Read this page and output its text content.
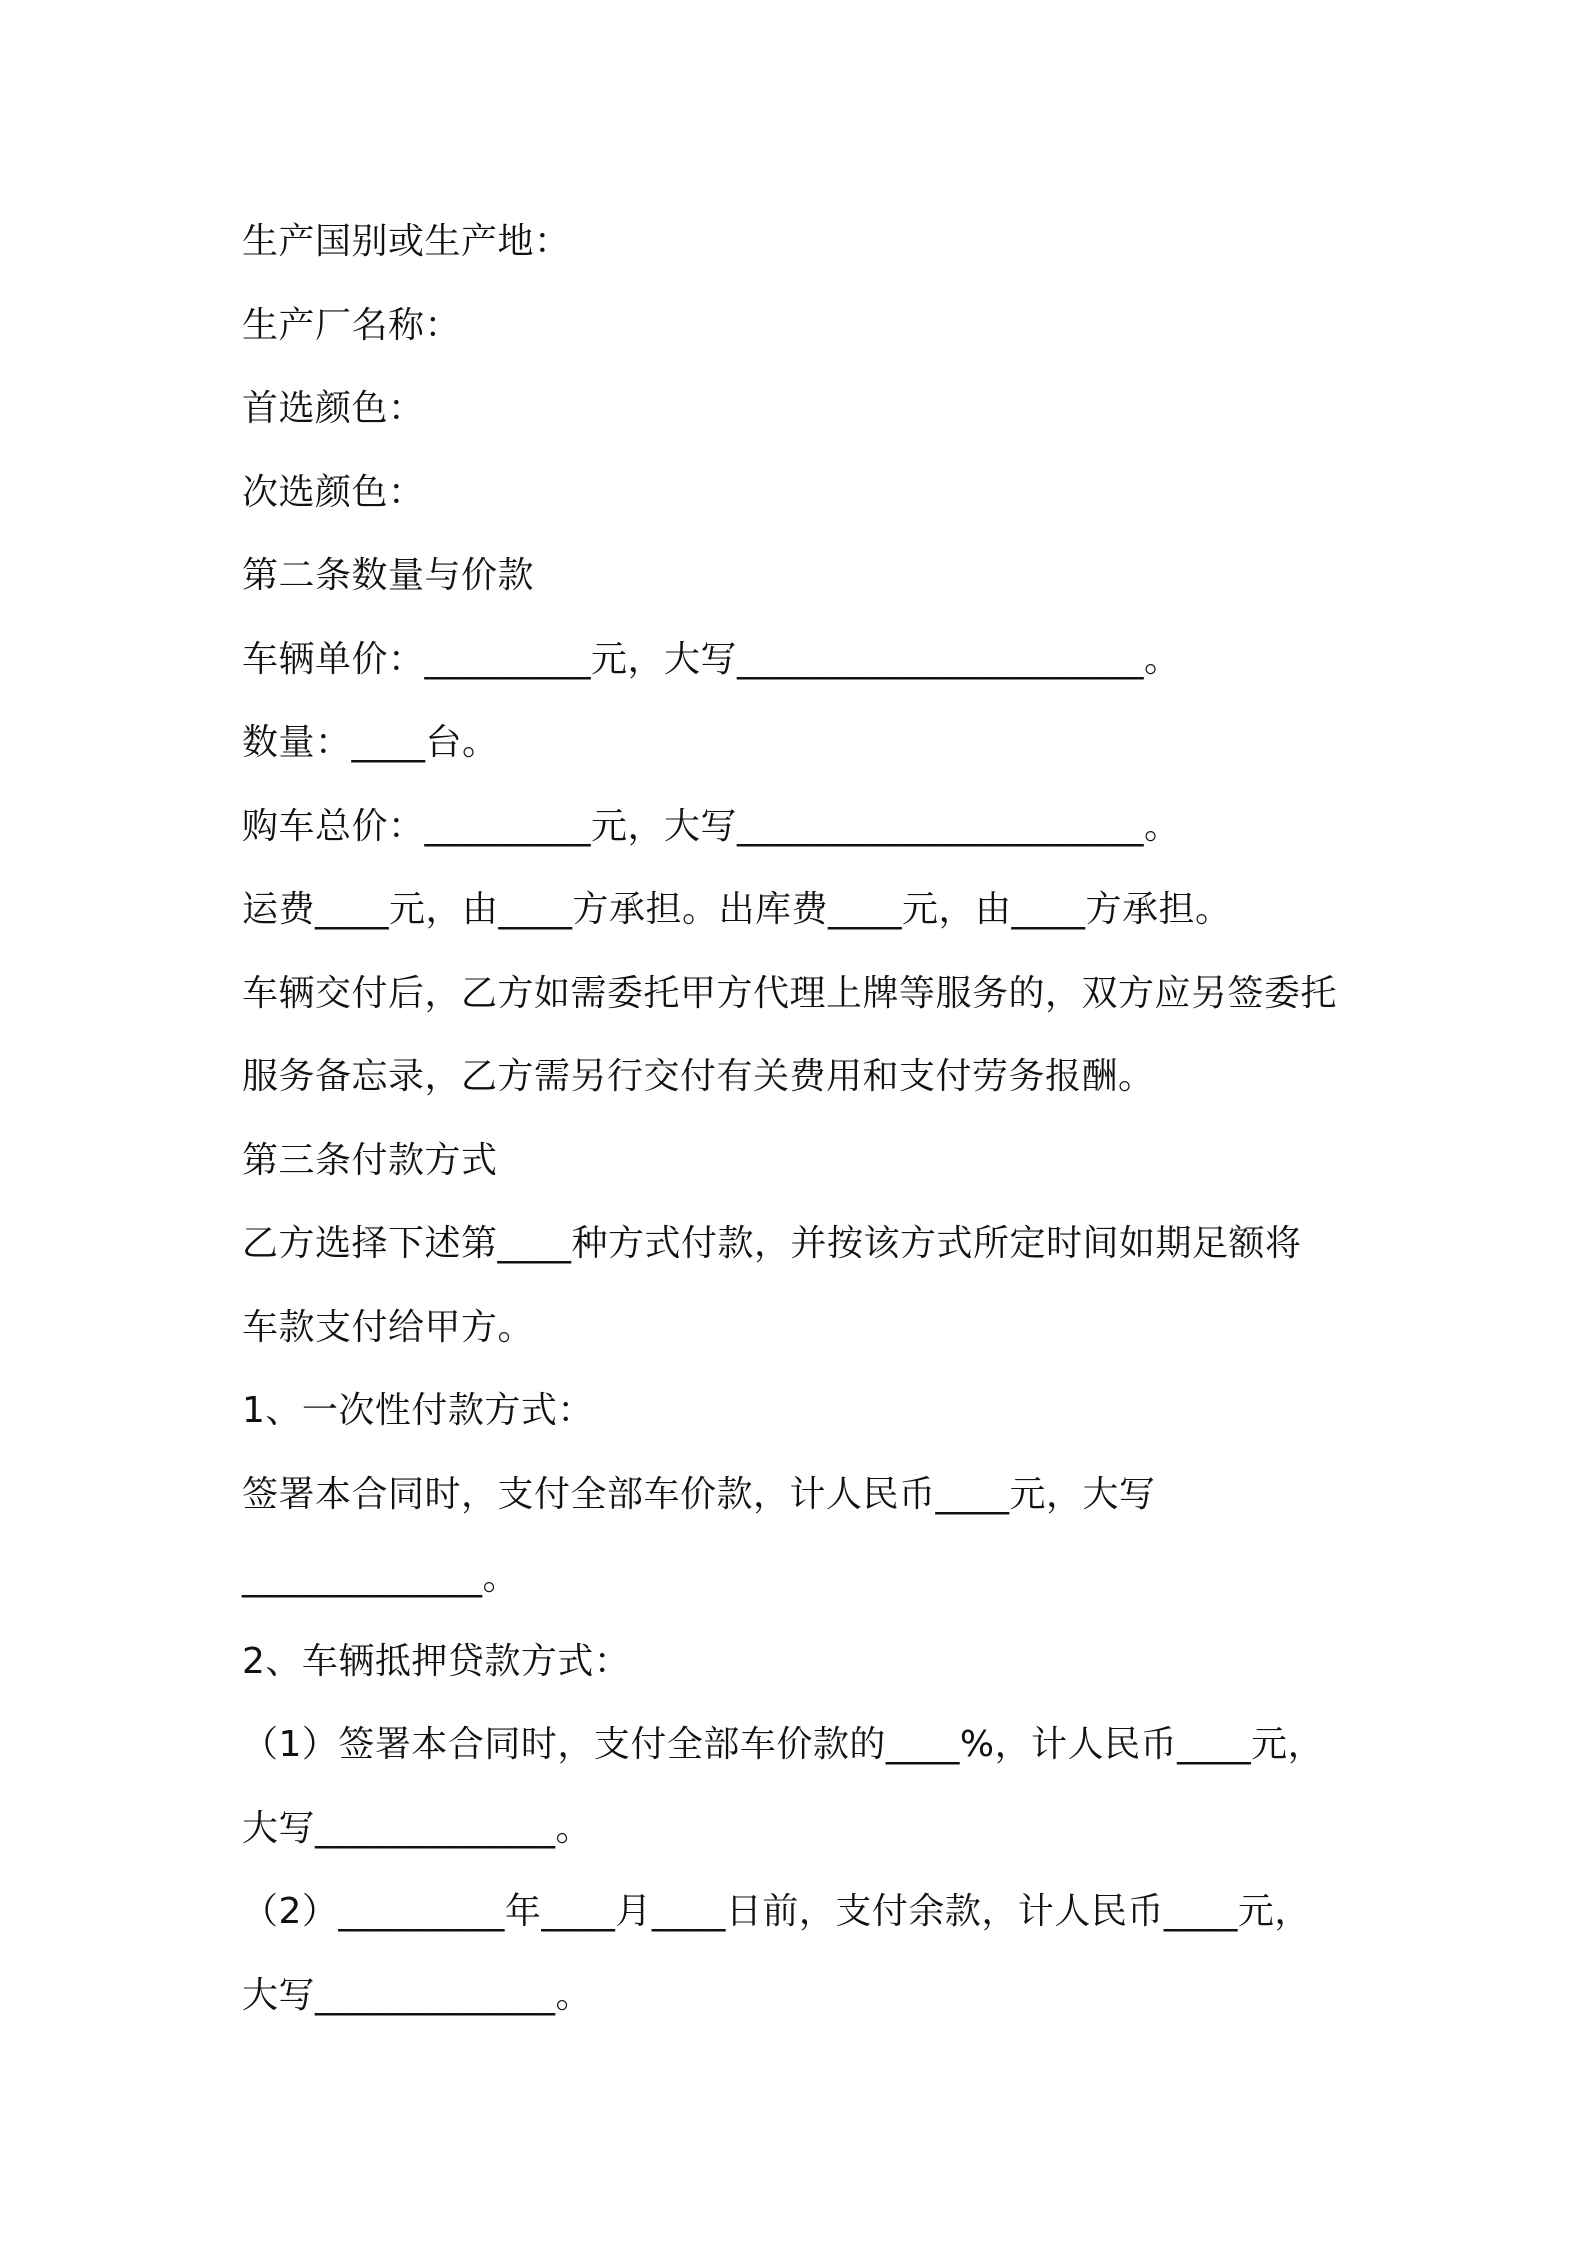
生产国别或生产地：
生产厂名称：
首选颜色：
次选颜色：
第二条数量与价款
车辆单价：_________元，大写______________________。
数量：____台。
购车总价：_________元，大写______________________。
运费____元，由____方承担。出库费____元，由____方承担。
车辆交付后，乙方如需委托甲方代理上牌等服务的，双方应另签委托
服务备忘录，乙方需另行交付有关费用和支付劳务报酬。
第三条付款方式
乙方选择下述第____种方式付款，并按该方式所定时间如期足额将
车款支付给甲方。
1、一次性付款方式：
签署本合同时，支付全部车价款，计人民币____元，大写
_____________。
2、车辆抵押贷款方式：
（1）签署本合同时，支付全部车价款的____%，计人民币____元，
大写_____________。
（2）_________年____月____日前，支付余款，计人民币____元，
大写_____________。
